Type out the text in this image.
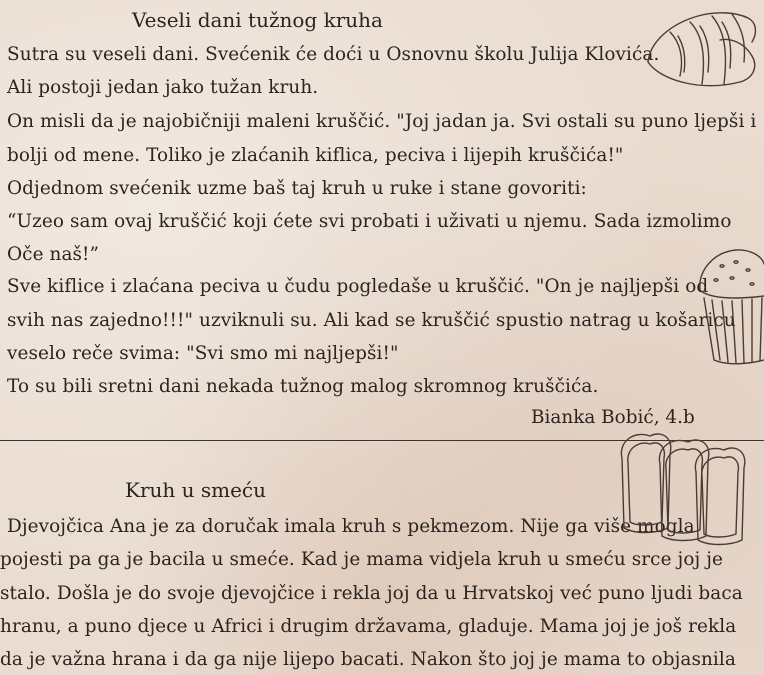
Veseli dani tužnog kruha
Sutra su veseli dani. Svećenik će doći u Osnovnu školu Julija Klovića.
Ali postoji jedan jako tužan kruh.
On misli da je najobičniji maleni kruščić. "Joj jadan ja. Svi ostali su puno ljepši i
bolji od mene. Toliko je zlaćanih kiflica, peciva i lijepih kruščića!"
Odjednom svećenik uzme baš taj kruh u ruke i stane govoriti:
“Uzeo sam ovaj kruščić koji ćete svi probati i uživati u njemu. Sada izmolimo
Oče naš!”
Sve kiflice i zlaćana peciva u čudu pogledaše u kruščić. "On je najljepši od
svih nas zajedno!!!" uzviknuli su. Ali kad se kruščić spustio natrag u košaricu
veselo reče svima: "Svi smo mi najljepši!"
To su bili sretni dani nekada tužnog malog skromnog kruščića.
Bianka Bobić, 4.b
Kruh u smeću
Djevojčica Ana je za doručak imala kruh s pekmezom. Nije ga više mogla
pojesti pa ga je bacila u smeće. Kad je mama vidjela kruh u smeću srce joj je
stalo. Došla je do svoje djevojčice i rekla joj da u Hrvatskoj već puno ljudi baca
hranu, a puno djece u Africi i drugim državama, gladuje. Mama joj je još rekla
da je važna hrana i da ga nije lijepo bacati. Nakon što joj je mama to objasnila
